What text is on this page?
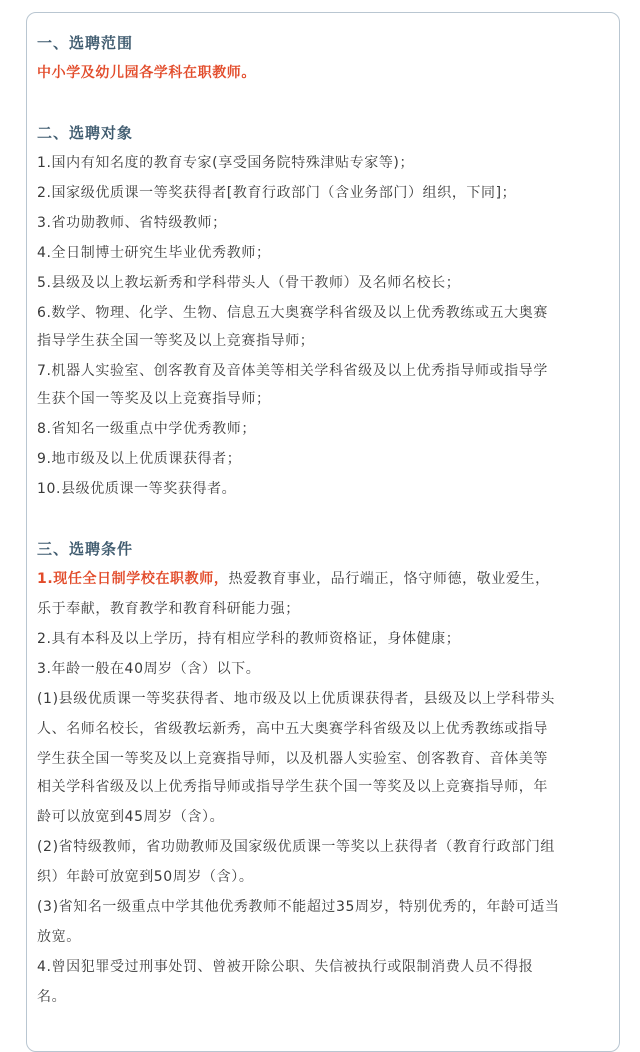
一、选聘范围
中小学及幼儿园各学科在职教师。
二、选聘对象
1.国内有知名度的教育专家(享受国务院特殊津贴专家等)；
2.国家级优质课一等奖获得者[教育行政部门（含业务部门）组织，下同]；
3.省功勋教师、省特级教师；
4.全日制博士研究生毕业优秀教师；
5.县级及以上教坛新秀和学科带头人（骨干教师）及名师名校长；
6.数学、物理、化学、生物、信息五大奥赛学科省级及以上优秀教练或五大奥赛
指导学生获全国一等奖及以上竞赛指导师；
7.机器人实验室、创客教育及音体美等相关学科省级及以上优秀指导师或指导学
生获个国一等奖及以上竞赛指导师；
8.省知名一级重点中学优秀教师；
9.地市级及以上优质课获得者；
10.县级优质课一等奖获得者。
三、选聘条件
1.现任全日制学校在职教师，热爱教育事业，品行端正，恪守师德，敬业爱生，
乐于奉献，教育教学和教育科研能力强；
2.具有本科及以上学历，持有相应学科的教师资格证，身体健康；
3.年龄一般在40周岁（含）以下。
(1)县级优质课一等奖获得者、地市级及以上优质课获得者，县级及以上学科带头
人、名师名校长，省级教坛新秀，高中五大奥赛学科省级及以上优秀教练或指导
学生获全国一等奖及以上竞赛指导师，以及机器人实验室、创客教育、音体美等
相关学科省级及以上优秀指导师或指导学生获个国一等奖及以上竞赛指导师，年
龄可以放宽到45周岁（含）。
(2)省特级教师，省功勋教师及国家级优质课一等奖以上获得者（教育行政部门组
织）年龄可放宽到50周岁（含）。
(3)省知名一级重点中学其他优秀教师不能超过35周岁，特别优秀的，年龄可适当
放宽。
4.曾因犯罪受过刑事处罚、曾被开除公职、失信被执行或限制消费人员不得报
名。
